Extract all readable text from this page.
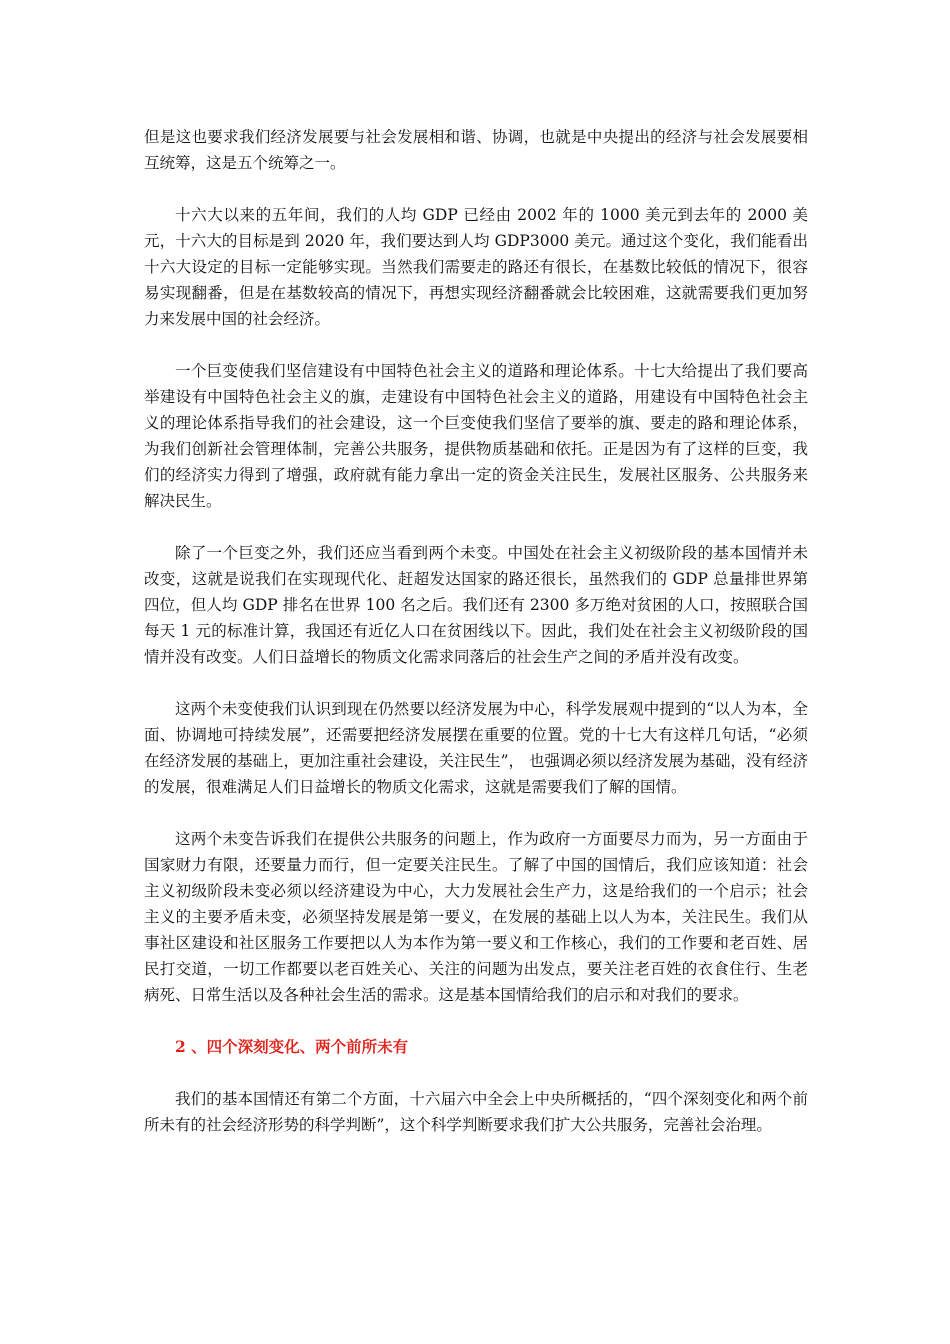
但是这也要求我们经济发展要与社会发展相和谐、协调，也就是中央提出的经济与社会发展要相互统筹，这是五个统筹之一。

十六大以来的五年间，我们的人均 GDP 已经由 2002 年的 1000 美元到去年的 2000 美元，十六大的目标是到 2020 年，我们要达到人均 GDP3000 美元。通过这个变化，我们能看出十六大设定的目标一定能够实现。当然我们需要走的路还有很长，在基数比较低的情况下，很容易实现翻番，但是在基数较高的情况下，再想实现经济翻番就会比较困难，这就需要我们更加努力来发展中国的社会经济。

一个巨变使我们坚信建设有中国特色社会主义的道路和理论体系。十七大给提出了我们要高举建设有中国特色社会主义的旗，走建设有中国特色社会主义的道路，用建设有中国特色社会主义的理论体系指导我们的社会建设，这一个巨变使我们坚信了要举的旗、要走的路和理论体系，为我们创新社会管理体制，完善公共服务，提供物质基础和依托。正是因为有了这样的巨变，我们的经济实力得到了增强，政府就有能力拿出一定的资金关注民生，发展社区服务、公共服务来解决民生。

除了一个巨变之外，我们还应当看到两个未变。中国处在社会主义初级阶段的基本国情并未改变，这就是说我们在实现现代化、赶超发达国家的路还很长，虽然我们的 GDP 总量排世界第四位，但人均 GDP 排名在世界 100 名之后。我们还有 2300 多万绝对贫困的人口，按照联合国每天 1 元的标准计算，我国还有近亿人口在贫困线以下。因此，我们处在社会主义初级阶段的国情并没有改变。人们日益增长的物质文化需求同落后的社会生产之间的矛盾并没有改变。

这两个未变使我们认识到现在仍然要以经济发展为中心，科学发展观中提到的“以人为本，全面、协调地可持续发展”，还需要把经济发展摆在重要的位置。党的十七大有这样几句话，“必须在经济发展的基础上，更加注重社会建设，关注民生”， 也强调必须以经济发展为基础，没有经济的发展，很难满足人们日益增长的物质文化需求，这就是需要我们了解的国情。

这两个未变告诉我们在提供公共服务的问题上，作为政府一方面要尽力而为，另一方面由于国家财力有限，还要量力而行，但一定要关注民生。了解了中国的国情后，我们应该知道：社会主义初级阶段未变必须以经济建设为中心，大力发展社会生产力，这是给我们的一个启示；社会主义的主要矛盾未变，必须坚持发展是第一要义，在发展的基础上以人为本，关注民生。我们从事社区建设和社区服务工作要把以人为本作为第一要义和工作核心，我们的工作要和老百姓、居民打交道，一切工作都要以老百姓关心、关注的问题为出发点，要关注老百姓的衣食住行、生老病死、日常生活以及各种社会生活的需求。这是基本国情给我们的启示和对我们的要求。

2 、四个深刻变化、两个前所未有

我们的基本国情还有第二个方面，十六届六中全会上中央所概括的，“四个深刻变化和两个前所未有的社会经济形势的科学判断”，这个科学判断要求我们扩大公共服务，完善社会治理。
